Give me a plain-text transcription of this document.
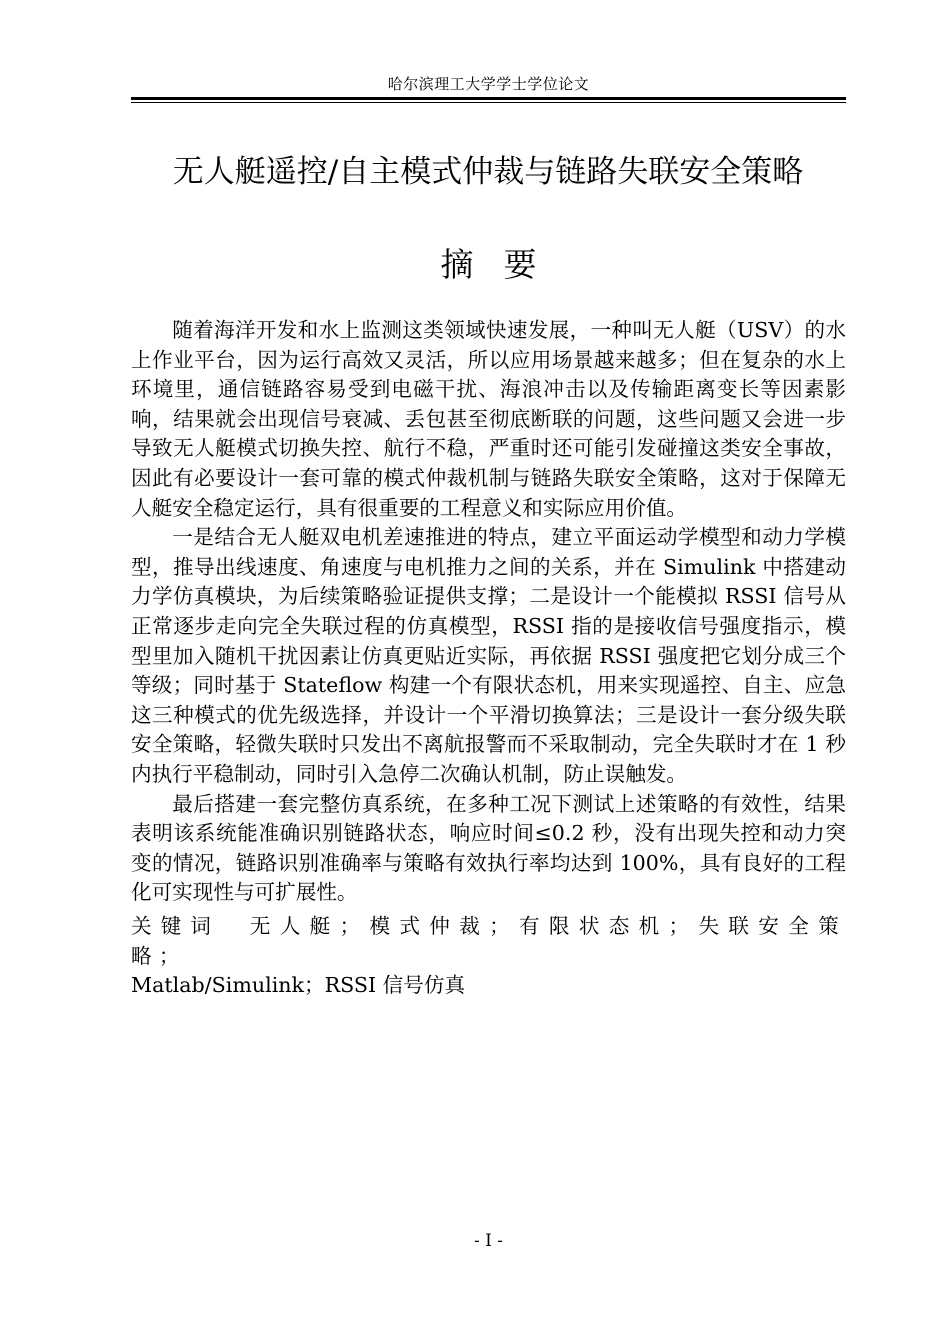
哈尔滨理工大学学士学位论文
无人艇遥控/自主模式仲裁与链路失联安全策略
摘要

随着海洋开发和水上监测这类领域快速发展，一种叫无人艇（USV）的水上作业平台，因为运行高效又灵活，所以应用场景越来越多；但在复杂的水上环境里，通信链路容易受到电磁干扰、海浪冲击以及传输距离变长等因素影响，结果就会出现信号衰减、丢包甚至彻底断联的问题，这些问题又会进一步导致无人艇模式切换失控、航行不稳，严重时还可能引发碰撞这类安全事故，因此有必要设计一套可靠的模式仲裁机制与链路失联安全策略，这对于保障无人艇安全稳定运行，具有很重要的工程意义和实际应用价值。

一是结合无人艇双电机差速推进的特点，建立平面运动学模型和动力学模型，推导出线速度、角速度与电机推力之间的关系，并在 Simulink 中搭建动力学仿真模块，为后续策略验证提供支撑；二是设计一个能模拟 RSSI 信号从正常逐步走向完全失联过程的仿真模型，RSSI 指的是接收信号强度指示，模型里加入随机干扰因素让仿真更贴近实际，再依据 RSSI 强度把它划分成三个等级；同时基于 Stateflow 构建一个有限状态机，用来实现遥控、自主、应急这三种模式的优先级选择，并设计一个平滑切换算法；三是设计一套分级失联安全策略，轻微失联时只发出不离航报警而不采取制动，完全失联时才在 1 秒内执行平稳制动，同时引入急停二次确认机制，防止误触发。

最后搭建一套完整仿真系统，在多种工况下测试上述策略的有效性，结果表明该系统能准确识别链路状态，响应时间≤0.2 秒，没有出现失控和动力突变的情况，链路识别准确率与策略有效执行率均达到 100%，具有良好的工程化可实现性与可扩展性。

关键词 无人艇；模式仲裁；有限状态机；失联安全策略；
Matlab/Simulink；RSSI 信号仿真
- I -
